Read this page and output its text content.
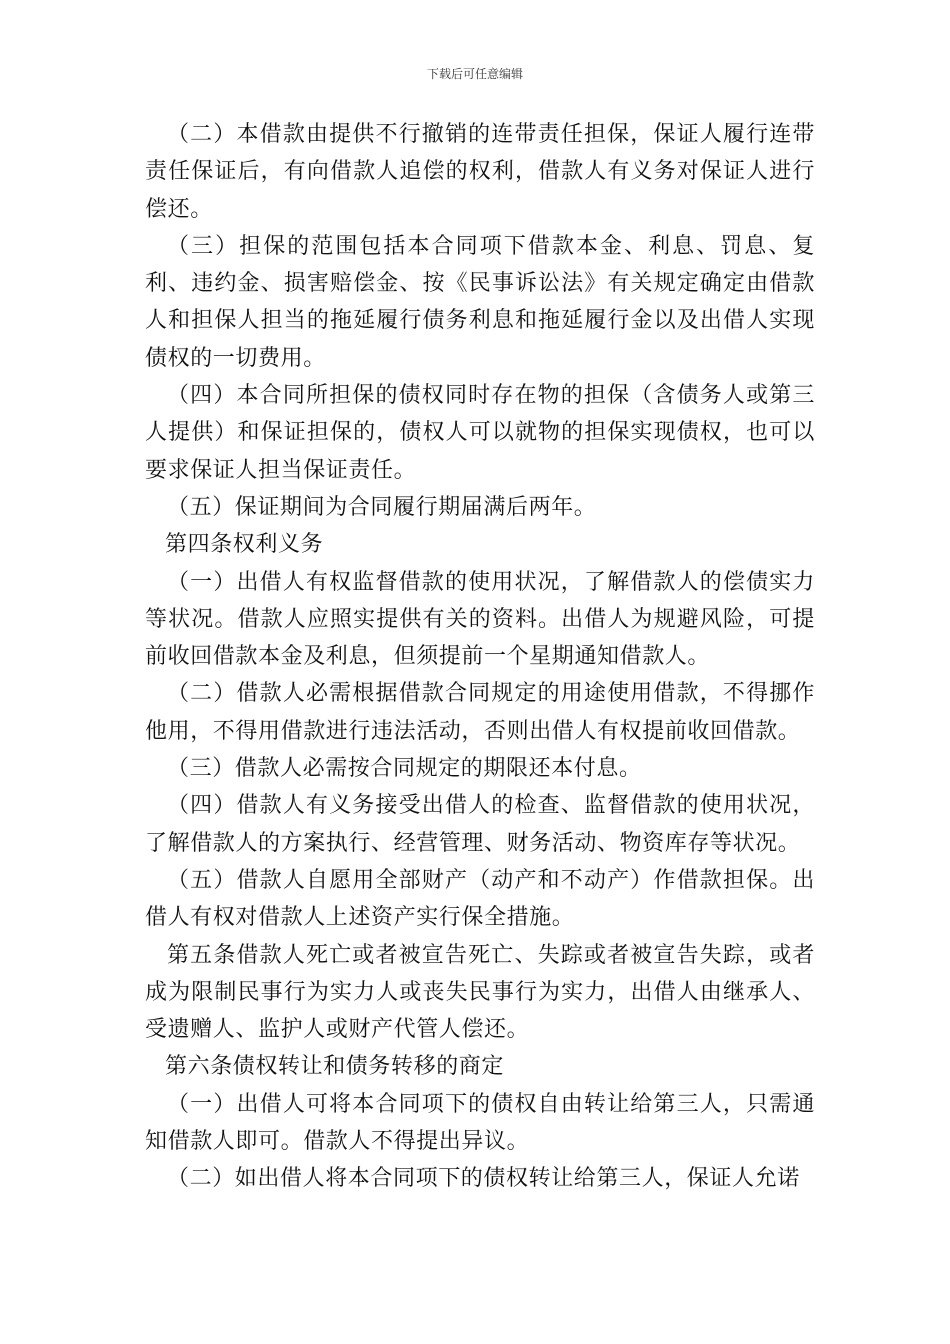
下载后可任意编辑

（二）本借款由提供不行撤销的连带责任担保，保证人履行连带责任保证后，有向借款人追偿的权利，借款人有义务对保证人进行偿还。

（三）担保的范围包括本合同项下借款本金、利息、罚息、复利、违约金、损害赔偿金、按《民事诉讼法》有关规定确定由借款人和担保人担当的拖延履行债务利息和拖延履行金以及出借人实现债权的一切费用。

（四）本合同所担保的债权同时存在物的担保（含债务人或第三人提供）和保证担保的，债权人可以就物的担保实现债权，也可以要求保证人担当保证责任。

（五）保证期间为合同履行期届满后两年。

第四条权利义务

（一）出借人有权监督借款的使用状况，了解借款人的偿债实力等状况。借款人应照实提供有关的资料。出借人为规避风险，可提前收回借款本金及利息，但须提前一个星期通知借款人。

（二）借款人必需根据借款合同规定的用途使用借款，不得挪作他用，不得用借款进行违法活动，否则出借人有权提前收回借款。

（三）借款人必需按合同规定的期限还本付息。

（四）借款人有义务接受出借人的检查、监督借款的使用状况，了解借款人的方案执行、经营管理、财务活动、物资库存等状况。

（五）借款人自愿用全部财产（动产和不动产）作借款担保。出借人有权对借款人上述资产实行保全措施。

第五条借款人死亡或者被宣告死亡、失踪或者被宣告失踪，或者成为限制民事行为实力人或丧失民事行为实力，出借人由继承人、受遗赠人、监护人或财产代管人偿还。

第六条债权转让和债务转移的商定

（一）出借人可将本合同项下的债权自由转让给第三人，只需通知借款人即可。借款人不得提出异议。

（二）如出借人将本合同项下的债权转让给第三人，保证人允诺
